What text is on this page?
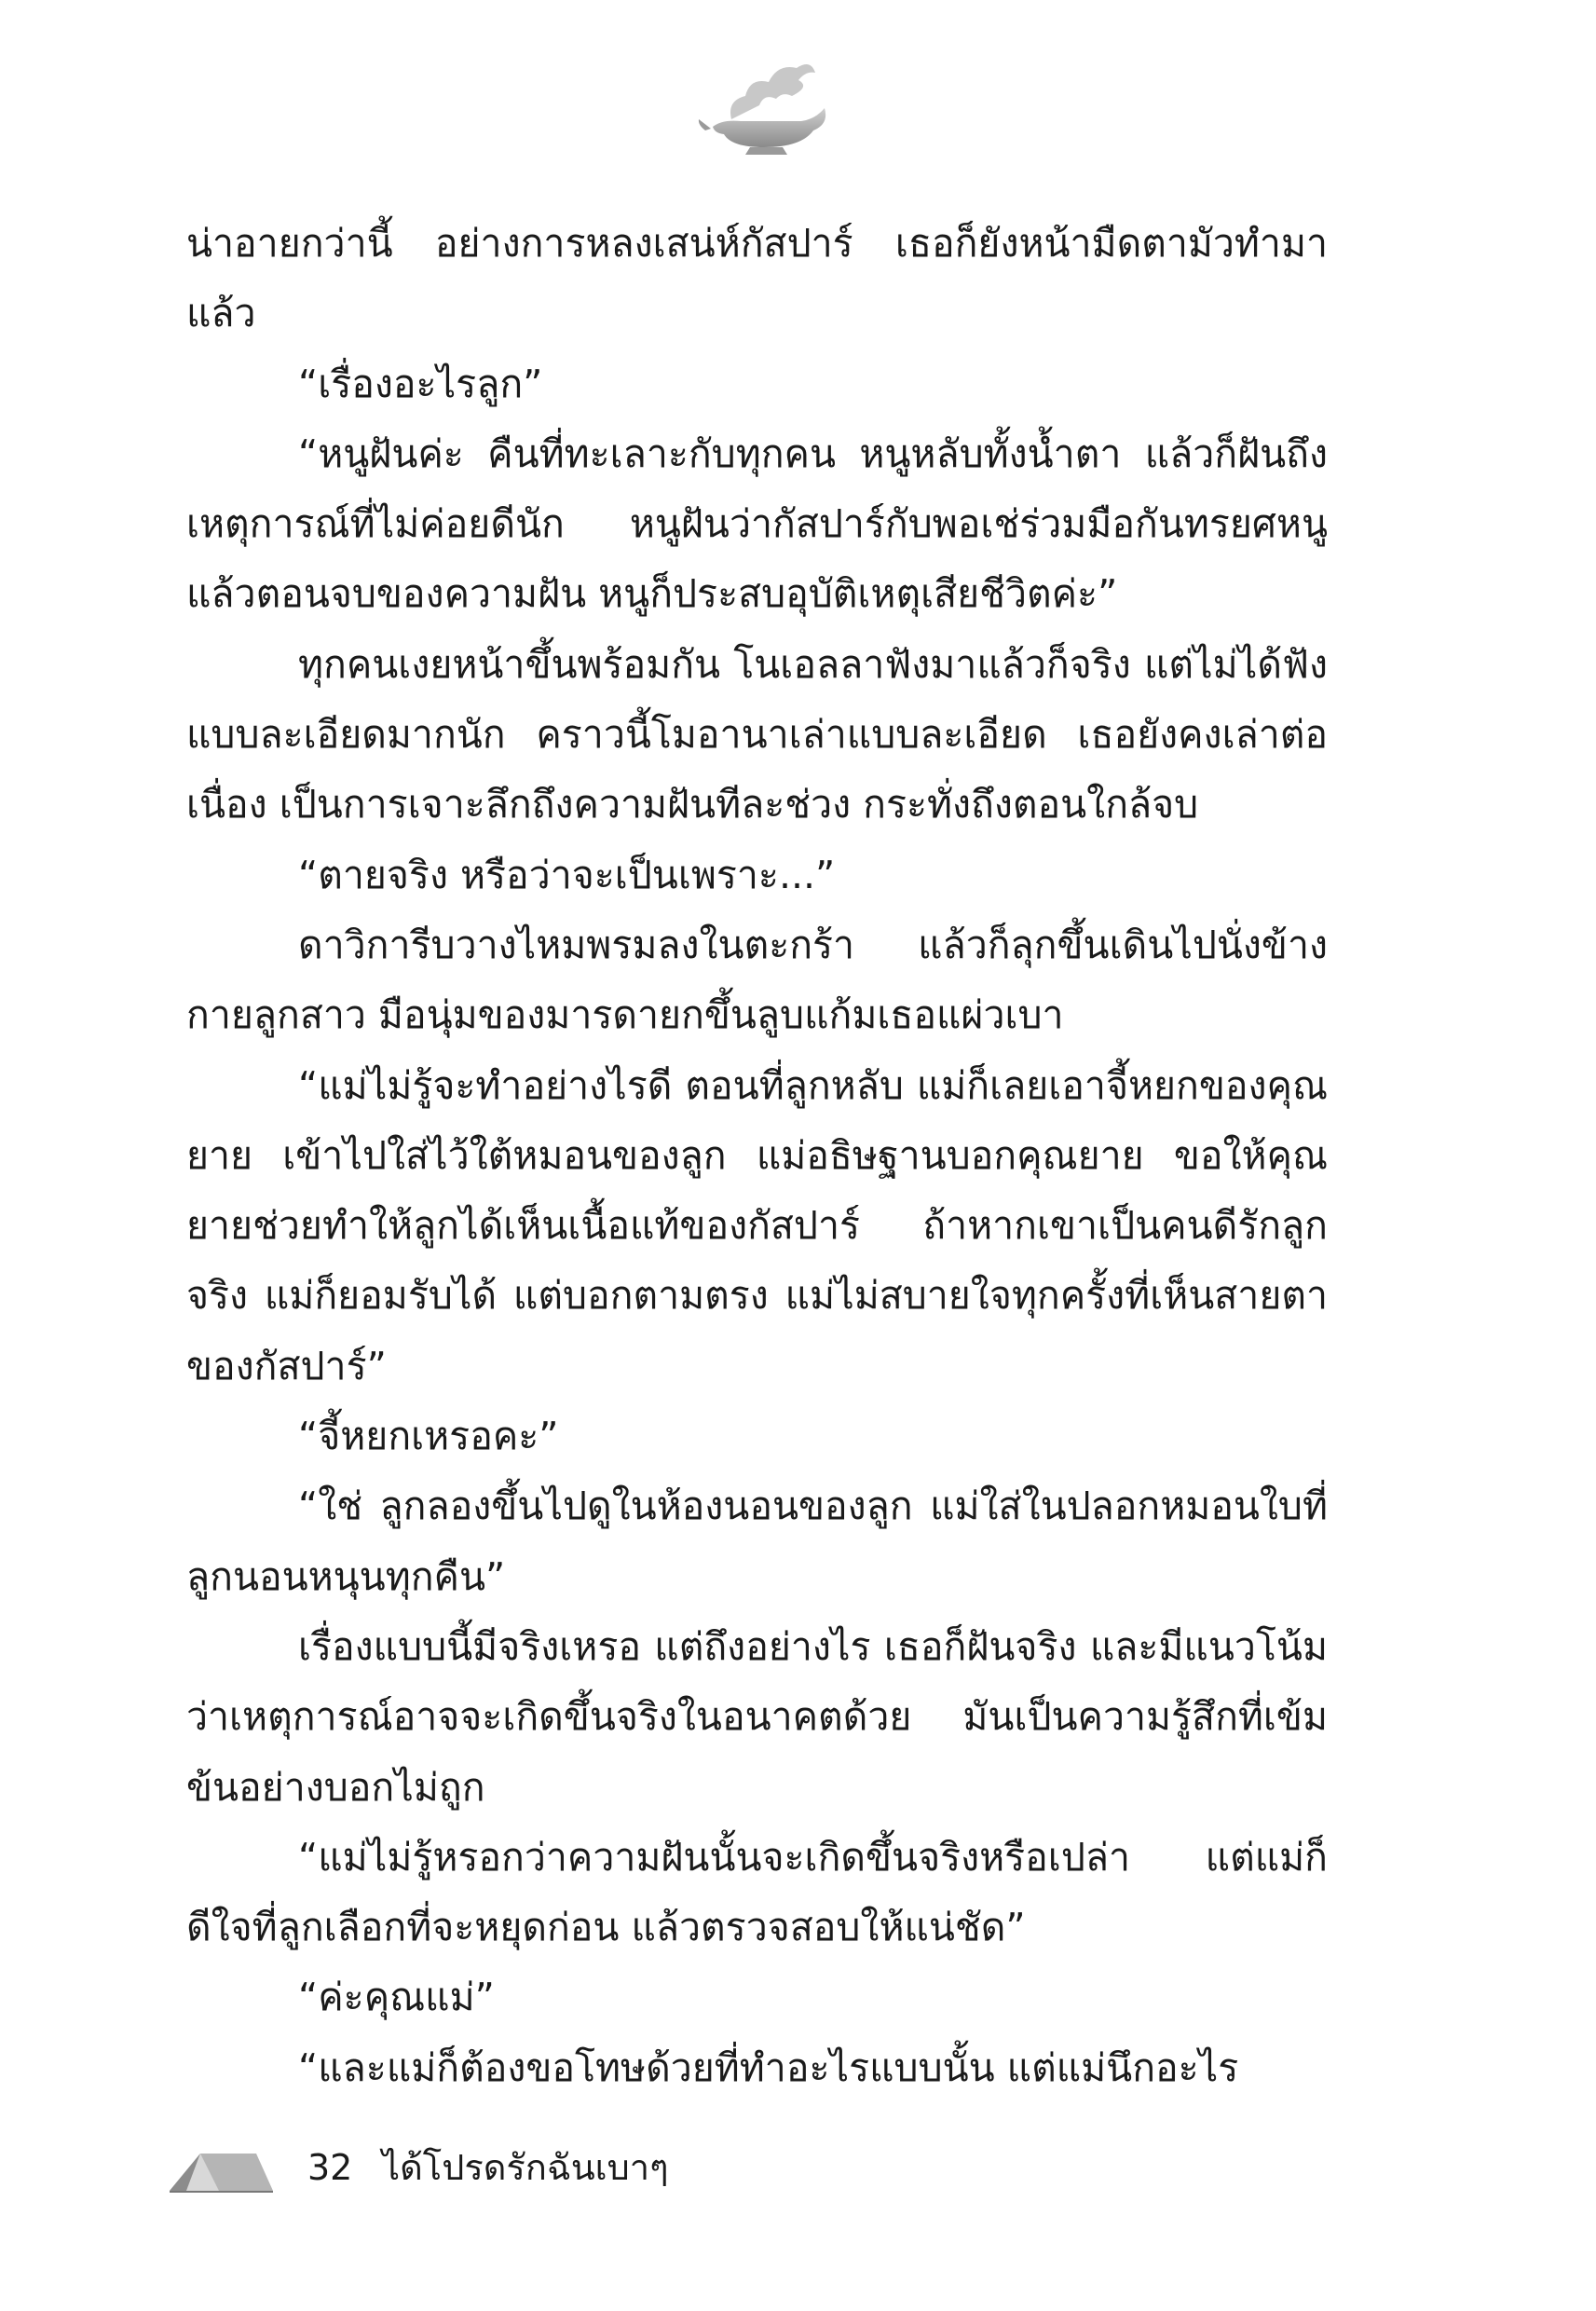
น่าอายกว่านี้ อย่างการหลงเสน่ห์กัสปาร์ เธอก็ยังหน้ามืดตามัวทำมาแล้ว

“เรื่องอะไรลูก”

“หนูฝันค่ะ คืนที่ทะเลาะกับทุกคน หนูหลับทั้งน้ำตา แล้วก็ฝันถึงเหตุการณ์ที่ไม่ค่อยดีนัก หนูฝันว่ากัสปาร์กับพอเช่ร่วมมือกันทรยศหนู แล้วตอนจบของความฝัน หนูก็ประสบอุบัติเหตุเสียชีวิตค่ะ”

ทุกคนเงยหน้าขึ้นพร้อมกัน โนเอลลาฟังมาแล้วก็จริง แต่ไม่ได้ฟังแบบละเอียดมากนัก คราวนี้โมอานาเล่าแบบละเอียด เธอยังคงเล่าต่อเนื่อง เป็นการเจาะลึกถึงความฝันทีละช่วง กระทั่งถึงตอนใกล้จบ

“ตายจริง หรือว่าจะเป็นเพราะ...”

ดาวิการีบวางไหมพรมลงในตะกร้า แล้วก็ลุกขึ้นเดินไปนั่งข้างกายลูกสาว มือนุ่มของมารดายกขึ้นลูบแก้มเธอแผ่วเบา

“แม่ไม่รู้จะทำอย่างไรดี ตอนที่ลูกหลับ แม่ก็เลยเอาจี้หยกของคุณยาย เข้าไปใส่ไว้ใต้หมอนของลูก แม่อธิษฐานบอกคุณยาย ขอให้คุณยายช่วยทำให้ลูกได้เห็นเนื้อแท้ของกัสปาร์ ถ้าหากเขาเป็นคนดีรักลูกจริง แม่ก็ยอมรับได้ แต่บอกตามตรง แม่ไม่สบายใจทุกครั้งที่เห็นสายตาของกัสปาร์”

“จี้หยกเหรอคะ”

“ใช่ ลูกลองขึ้นไปดูในห้องนอนของลูก แม่ใส่ในปลอกหมอนใบที่ลูกนอนหนุนทุกคืน”

เรื่องแบบนี้มีจริงเหรอ แต่ถึงอย่างไร เธอก็ฝันจริง และมีแนวโน้มว่าเหตุการณ์อาจจะเกิดขึ้นจริงในอนาคตด้วย มันเป็นความรู้สึกที่เข้มข้นอย่างบอกไม่ถูก

“แม่ไม่รู้หรอกว่าความฝันนั้นจะเกิดขึ้นจริงหรือเปล่า แต่แม่ก็ดีใจที่ลูกเลือกที่จะหยุดก่อน แล้วตรวจสอบให้แน่ชัด”

“ค่ะคุณแม่”

“และแม่ก็ต้องขอโทษด้วยที่ทำอะไรแบบนั้น แต่แม่นึกอะไร

32 ได้โปรดรักฉันเบาๆ
